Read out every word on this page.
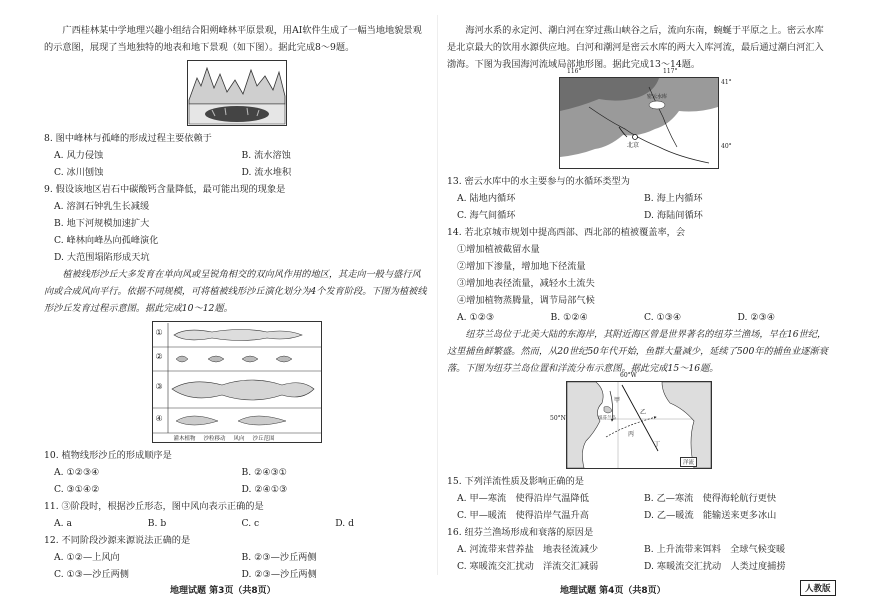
广西桂林某中学地理兴趣小组结合阳朔峰林平原景观，用AI软件生成了一幅当地地貌景观的示意图，展现了当地独特的地表和地下景观（如下图）。据此完成8～9题。

8. 图中峰林与孤峰的形成过程主要依赖于

A. 风力侵蚀	B. 流水溶蚀
C. 冰川刨蚀	D. 流水堆积

9. 假设该地区岩石中碳酸钙含量降低，最可能出现的现象是

A. 溶洞石钟乳生长减缓
B. 地下河规模加速扩大
C. 峰林向峰丛向孤峰演化
D. 大范围塌陷形成天坑

植被线形沙丘大多发育在单向风或呈锐角相交的双向风作用的地区，其走向一般与盛行风向或合成风向平行。依据不同规模，可将植被线形沙丘演化划分为4个发育阶段。下图为植被线形沙丘发育过程示意图。据此完成10～12题。

①
②
③
④
灌木植物 沙粒移动 风向 沙丘范围

10. 植物线形沙丘的形成顺序是

A. ①②③④	B. ②④③①
C. ③①④②	D. ②④①③

11. ③阶段时，根据沙丘形态，图中风向表示正确的是

A. a	B. b	C. c	D. d

12. 不同阶段沙源来源说法正确的是

A. ①②—上风向	B. ②③—沙丘两侧
C. ①③—沙丘两侧	D. ②③—沙丘两侧

海河水系的永定河、潮白河在穿过燕山峡谷之后，流向东南，蜿蜒于平原之上。密云水库是北京最大的饮用水源供应地。白河和潮河是密云水库的两大入库河流，最后通过潮白河汇入渤海。下图为我国海河流域局部地形图。据此完成13～14题。

116°	117°
41°
40°
密云水库
北京

13. 密云水库中的水主要参与的水循环类型为

A. 陆地内循环	B. 海上内循环
C. 海气间循环	D. 海陆间循环

14. 若北京城市规划中提高西部、西北部的植被覆盖率，会

①增加植被截留水量
②增加下渗量，增加地下径流量
③增加地表径流量，减轻水土流失
④增加植物蒸腾量，调节局部气候
A. ①②③	B. ①②④	C. ①③④	D. ②③④

纽芬兰岛位于北美大陆的东海岸，其附近海区曾是世界著名的纽芬兰渔场，早在16世纪，这里捕鱼鲜繁盛。然而，从20世纪50年代开始，鱼群大量减少，延续了500年的捕鱼业逐渐衰落。下图为纽芬兰岛位置和洋流分布示意图。据此完成15～16题。

60°W
50°N	纽芬兰岛
甲
乙
丙
丁
洋流

15. 下列洋流性质及影响正确的是

A. 甲—寒流　使得沿岸气温降低	B. 乙—寒流　使得海轮航行更快
C. 甲—暖流　使得沿岸气温升高	D. 乙—暖流　能输送来更多冰山

16. 纽芬兰渔场形成和衰落的原因是

A. 河流带来营养盐　地表径流减少	B. 上升流带来饵料　全球气候变暖
C. 寒暖流交汇扰动　洋流交汇减弱	D. 寒暖流交汇扰动　人类过度捕捞
地理试题 第3页（共8页）	地理试题 第4页（共8页）	人教版
